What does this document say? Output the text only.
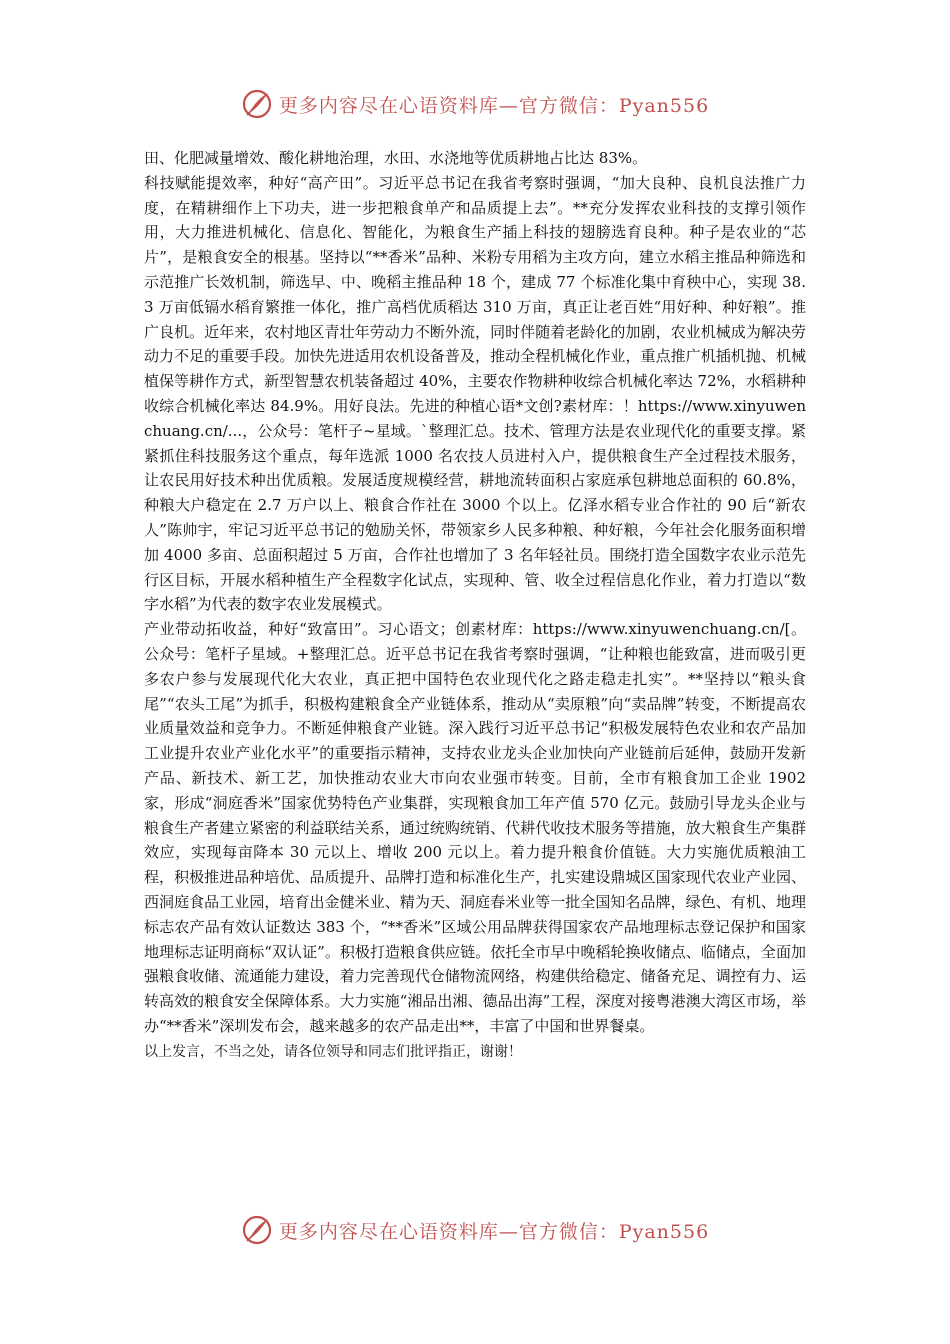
更多内容尽在心语资料库—官方微信：Pyan556

田、化肥减量增效、酸化耕地治理，水田、水浇地等优质耕地占比达 83%。

科技赋能提效率，种好“高产田”。习近平总书记在我省考察时强调，“加大良种、良机良法推广力度，在精耕细作上下功夫，进一步把粮食单产和品质提上去”。**充分发挥农业科技的支撑引领作用，大力推进机械化、信息化、智能化，为粮食生产插上科技的翅膀选育良种。种子是农业的“芯片”，是粮食安全的根基。坚持以“**香米”品种、米粉专用稻为主攻方向，建立水稻主推品种筛选和示范推广长效机制，筛选早、中、晚稻主推品种 18 个，建成 77 个标准化集中育秧中心，实现 38.3 万亩低镉水稻育繁推一体化，推广高档优质稻达 310 万亩，真正让老百姓“用好种、种好粮”。推广良机。近年来，农村地区青壮年劳动力不断外流，同时伴随着老龄化的加剧，农业机械成为解决劳动力不足的重要手段。加快先进适用农机设备普及，推动全程机械化作业，重点推广机插机抛、机械植保等耕作方式，新型智慧农机装备超过 40%，主要农作物耕种收综合机械化率达 72%，水稻耕种收综合机械化率达 84.9%。用好良法。先进的种植心语*文创?素材库：！https://www.xinyuwenchuang.cn/...，公众号：笔杆子~星域。`整理汇总。技术、管理方法是农业现代化的重要支撑。紧紧抓住科技服务这个重点，每年选派 1000 名农技人员进村入户，提供粮食生产全过程技术服务，让农民用好技术种出优质粮。发展适度规模经营，耕地流转面积占家庭承包耕地总面积的 60.8%，种粮大户稳定在 2.7 万户以上、粮食合作社在 3000 个以上。亿泽水稻专业合作社的 90 后“新农人”陈帅宇，牢记习近平总书记的勉励关怀，带领家乡人民多种粮、种好粮，今年社会化服务面积增加 4000 多亩、总面积超过 5 万亩，合作社也增加了 3 名年轻社员。围绕打造全国数字农业示范先行区目标，开展水稻种植生产全程数字化试点，实现种、管、收全过程信息化作业，着力打造以“数字水稻”为代表的数字农业发展模式。

产业带动拓收益，种好“致富田”。习心语文；创素材库：https://www.xinyuwenchuang.cn/[。公众号：笔杆子星域。+整理汇总。近平总书记在我省考察时强调，“让种粮也能致富，进而吸引更多农户参与发展现代化大农业，真正把中国特色农业现代化之路走稳走扎实”。**坚持以“粮头食尾”“农头工尾”为抓手，积极构建粮食全产业链体系，推动从“卖原粮”向“卖品牌”转变，不断提高农业质量效益和竞争力。不断延伸粮食产业链。深入践行习近平总书记“积极发展特色农业和农产品加工业提升农业产业化水平”的重要指示精神，支持农业龙头企业加快向产业链前后延伸，鼓励开发新产品、新技术、新工艺，加快推动农业大市向农业强市转变。目前，全市有粮食加工企业 1902 家，形成“洞庭香米”国家优势特色产业集群，实现粮食加工年产值 570 亿元。鼓励引导龙头企业与粮食生产者建立紧密的利益联结关系，通过统购统销、代耕代收技术服务等措施，放大粮食生产集群效应，实现每亩降本 30 元以上、增收 200 元以上。着力提升粮食价值链。大力实施优质粮油工程，积极推进品种培优、品质提升、品牌打造和标准化生产，扎实建设鼎城区国家现代农业产业园、西洞庭食品工业园，培育出金健米业、精为天、洞庭春米业等一批全国知名品牌，绿色、有机、地理标志农产品有效认证数达 383 个，“**香米”区域公用品牌获得国家农产品地理标志登记保护和国家地理标志证明商标“双认证”。积极打造粮食供应链。依托全市早中晚稻轮换收储点、临储点，全面加强粮食收储、流通能力建设，着力完善现代仓储物流网络，构建供给稳定、储备充足、调控有力、运转高效的粮食安全保障体系。大力实施“湘品出湘、德品出海”工程，深度对接粤港澳大湾区市场，举办“**香米”深圳发布会，越来越多的农产品走出**，丰富了中国和世界餐桌。

以上发言，不当之处，请各位领导和同志们批评指正，谢谢！

更多内容尽在心语资料库—官方微信：Pyan556
